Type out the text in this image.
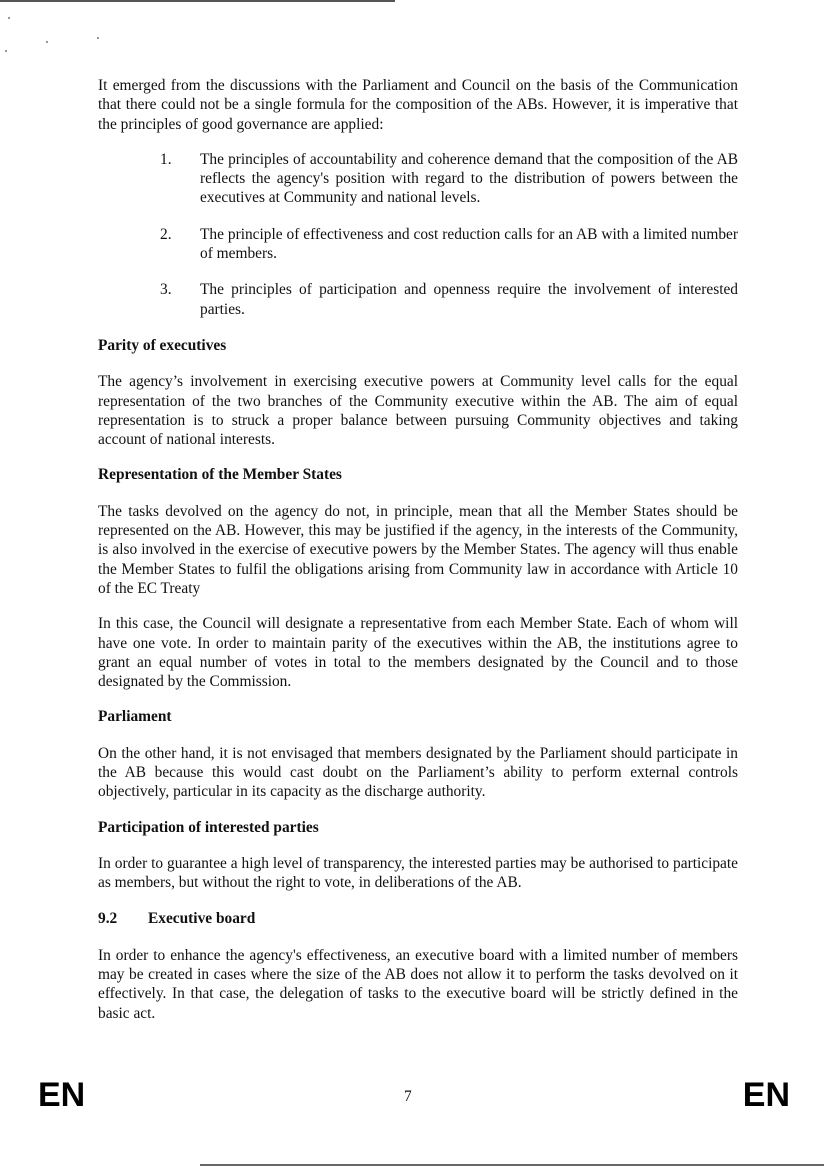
It emerged from the discussions with the Parliament and Council on the basis of the Communication that there could not be a single formula for the composition of the ABs. However, it is imperative that the principles of good governance are applied:

1.	The principles of accountability and coherence demand that the composition of the AB reflects the agency's position with regard to the distribution of powers between the executives at Community and national levels.
2.	The principle of effectiveness and cost reduction calls for an AB with a limited number of members.
3.	The principles of participation and openness require the involvement of interested parties.
Parity of executives

The agency’s involvement in exercising executive powers at Community level calls for the equal representation of the two branches of the Community executive within the AB. The aim of equal representation is to struck a proper balance between pursuing Community objectives and taking account of national interests.

Representation of the Member States

The tasks devolved on the agency do not, in principle, mean that all the Member States should be represented on the AB. However, this may be justified if the agency, in the interests of the Community, is also involved in the exercise of executive powers by the Member States. The agency will thus enable the Member States to fulfil the obligations arising from Community law in accordance with Article 10 of the EC Treaty

In this case, the Council will designate a representative from each Member State. Each of whom will have one vote. In order to maintain parity of the executives within the AB, the institutions agree to grant an equal number of votes in total to the members designated by the Council and to those designated by the Commission.

Parliament

On the other hand, it is not envisaged that members designated by the Parliament should participate in the AB because this would cast doubt on the Parliament’s ability to perform external controls objectively, particular in its capacity as the discharge authority.

Participation of interested parties

In order to guarantee a high level of transparency, the interested parties may be authorised to participate as members, but without the right to vote, in deliberations of the AB.

9.2	Executive board

In order to enhance the agency's effectiveness, an executive board with a limited number of members may be created in cases where the size of the AB does not allow it to perform the tasks devolved on it effectively. In that case, the delegation of tasks to the executive board will be strictly defined in the basic act.

EN	7	EN
